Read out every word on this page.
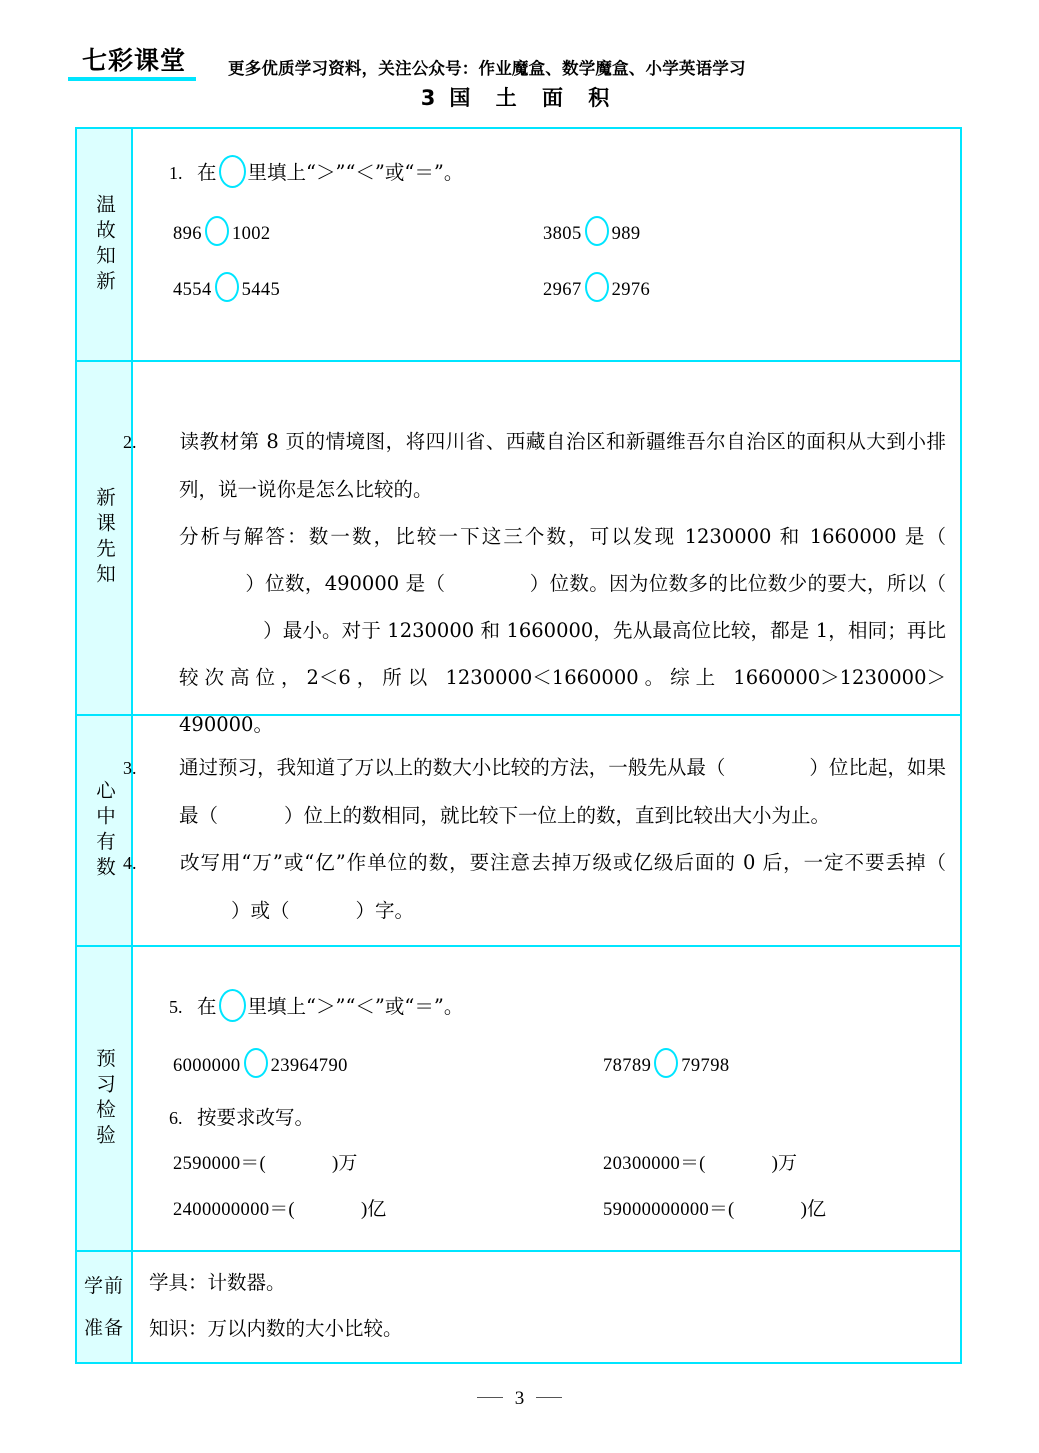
七彩课堂	更多优质学习资料，关注公众号：作业魔盒、数学魔盒、小学英语学习
3 国 土 面 积
温故知新
1. 在 里填上“＞”“＜”或“＝”。
896 1002	3805 989
4554 5445	2967 2976
新课先知
2. 读教材第 8 页的情境图，将四川省、西藏自治区和新疆维吾尔自治区的面积从大到小排列，说一说你是怎么比较的。
分析与解答：数一数，比较一下这三个数，可以发现 1230000 和 1660000 是（）位数，490000 是（	）位数。因为位数多的比位数少的要大，所以（）最小。对于 1230000 和 1660000，先从最高位比较，都是 1，相同；再比较次高位，2＜6，所以 1230000＜1660000。综上 1660000＞1230000＞490000。
心中有数
3. 通过预习，我知道了万以上的数大小比较的方法，一般先从最（	）位比起，如果最（	）位上的数相同，就比较下一位上的数，直到比较出大小为止。
4. 改写用“万”或“亿”作单位的数，要注意去掉万级或亿级后面的 0 后，一定不要丢掉（）或（	）字。
预习检验
5. 在 里填上“＞”“＜”或“＝”。
6000000 23964790	78789 79798
6. 按要求改写。
2590000＝(	)万	20300000＝(	)万
2400000000＝(	)亿	59000000000＝(	)亿
学前
准备
学具：计数器。
知识：万以内数的大小比较。
3
